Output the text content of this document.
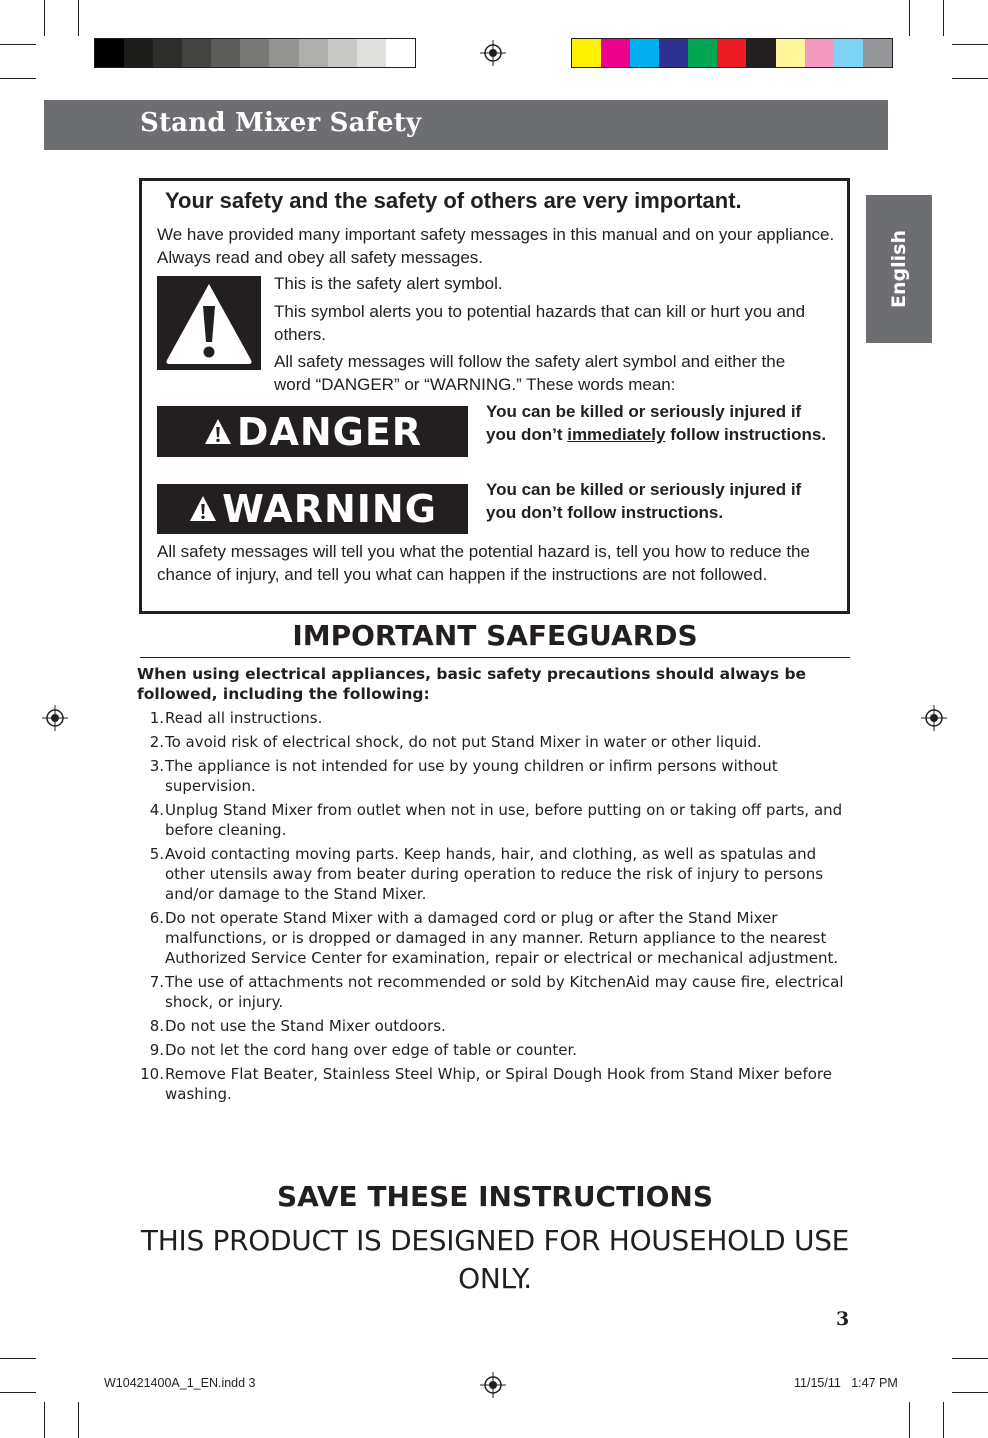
Stand Mixer Safety
English
Your safety and the safety of others are very important.
We have provided many important safety messages in this manual and on your appliance. Always read and obey all safety messages.
This is the safety alert symbol.
This symbol alerts you to potential hazards that can kill or hurt you and others.
All safety messages will follow the safety alert symbol and either the word “DANGER” or “WARNING.” These words mean:
DANGER	You can be killed or seriously injured if you don’t immediately follow instructions.
WARNING	You can be killed or seriously injured if you don’t follow instructions.
All safety messages will tell you what the potential hazard is, tell you how to reduce the chance of injury, and tell you what can happen if the instructions are not followed.
IMPORTANT SAFEGUARDS
When using electrical appliances, basic safety precautions should always be followed, including the following:
1. Read all instructions.
2. To avoid risk of electrical shock, do not put Stand Mixer in water or other liquid.
3. The appliance is not intended for use by young children or infirm persons without supervision.
4. Unplug Stand Mixer from outlet when not in use, before putting on or taking off parts, and before cleaning.
5. Avoid contacting moving parts. Keep hands, hair, and clothing, as well as spatulas and other utensils away from beater during operation to reduce the risk of injury to persons and/or damage to the Stand Mixer.
6. Do not operate Stand Mixer with a damaged cord or plug or after the Stand Mixer malfunctions, or is dropped or damaged in any manner. Return appliance to the nearest Authorized Service Center for examination, repair or electrical or mechanical adjustment.
7. The use of attachments not recommended or sold by KitchenAid may cause fire, electrical shock, or injury.
8. Do not use the Stand Mixer outdoors.
9. Do not let the cord hang over edge of table or counter.
10. Remove Flat Beater, Stainless Steel Whip, or Spiral Dough Hook from Stand Mixer before washing.
SAVE THESE INSTRUCTIONS
THIS PRODUCT IS DESIGNED FOR HOUSEHOLD USE ONLY.
3
W10421400A_1_EN.indd 3	11/15/11   1:47 PM
